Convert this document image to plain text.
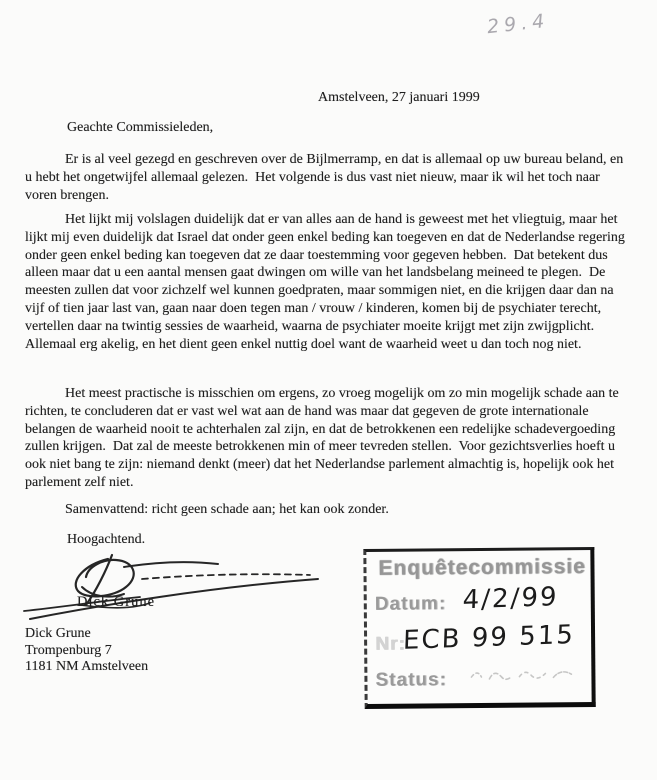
29.4
Amstelveen, 27 januari 1999
Geachte Commissieleden,
Er is al veel gezegd en geschreven over de Bijlmerramp, en dat is allemaal op uw bureau beland, en u hebt het ongetwijfel allemaal gelezen.  Het volgende is dus vast niet nieuw, maar ik wil het toch naar voren brengen.
Het lijkt mij volslagen duidelijk dat er van alles aan de hand is geweest met het vliegtuig, maar het lijkt mij even duidelijk dat Israel dat onder geen enkel beding kan toegeven en dat de Nederlandse regering onder geen enkel beding kan toegeven dat ze daar toestemming voor gegeven hebben.  Dat betekent dus alleen maar dat u een aantal mensen gaat dwingen om wille van het landsbelang meineed te plegen.  De meesten zullen dat voor zichzelf wel kunnen goedpraten, maar sommigen niet, en die krijgen daar dan na vijf of tien jaar last van, gaan naar doen tegen man / vrouw / kinderen, komen bij de psychiater terecht, vertellen daar na twintig sessies de waarheid, waarna de psychiater moeite krijgt met zijn zwijgplicht.  Allemaal erg akelig, en het dient geen enkel nuttig doel want de waarheid weet u dan toch nog niet.
Het meest practische is misschien om ergens, zo vroeg mogelijk om zo min mogelijk schade aan te richten, te concluderen dat er vast wel wat aan de hand was maar dat gegeven de grote internationale belangen de waarheid nooit te achterhalen zal zijn, en dat de betrokkenen een redelijke schadevergoeding zullen krijgen.  Dat zal de meeste betrokkenen min of meer tevreden stellen.  Voor gezichtsverlies hoeft u ook niet bang te zijn: niemand denkt (meer) dat het Nederlandse parlement almachtig is, hopelijk ook het parlement zelf niet.
Samenvattend: richt geen schade aan; het kan ook zonder.
Hoogachtend.
Dick Grune
Dick Grune
Trompenburg 7
1181 NM Amstelveen
Enquêtecommissie
Datum: 4/2/99
Nr:
ECB 99 515
Status:
